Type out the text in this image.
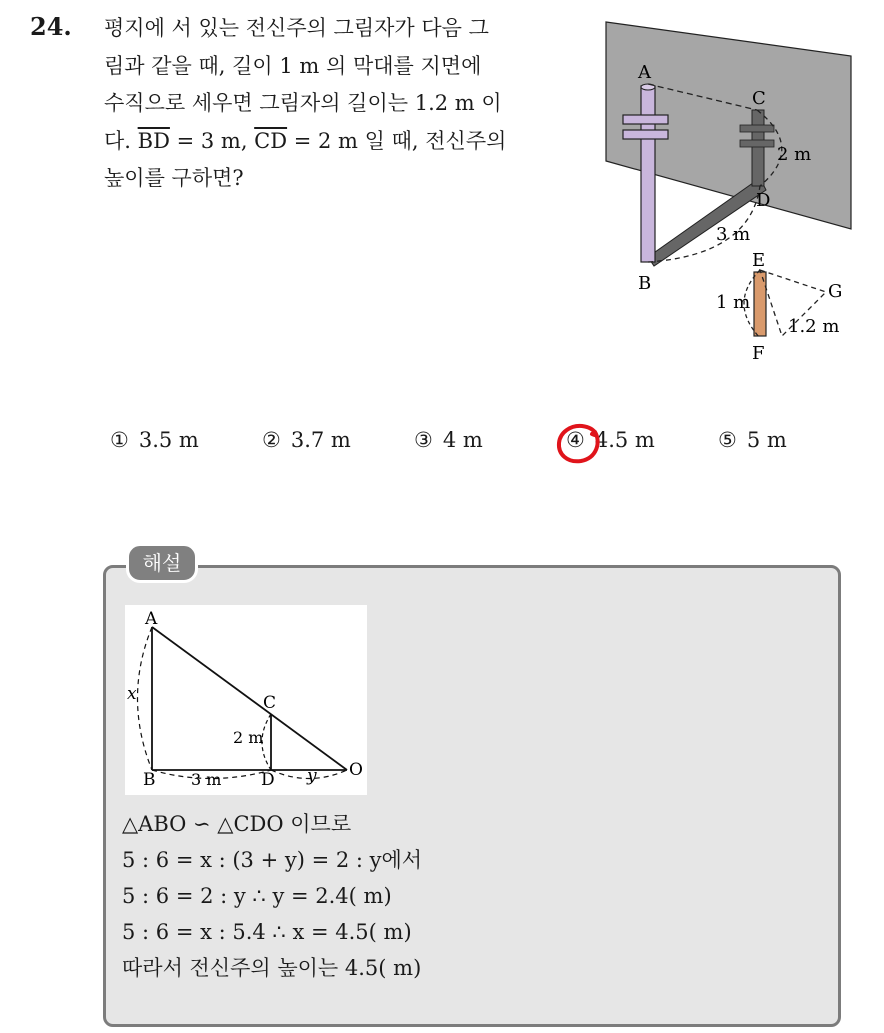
24. 평지에 서 있는 전신주의 그림자가 다음 그
림과 같을 때, 길이 1 m 의 막대를 지면에
수직으로 세우면 그림자의 길이는 1.2 m 이
다. $\overline{BD} = 3$ m, $\overline{CD} = 2$ m 일 때, 전신주의
높이를 구하면?
A
B
C
D
2 m
3 m
E
F
G
1 m
1.2 m
① 3.5 m	② 3.7 m	③ 4 m	④ 4.5 m	⑤ 5 m
해설
A
B
C
D	O
x
2 m
3 m	y
△ABO ∽ △CDO 이므로
5 : 6 = x : (3 + y) = 2 : y에서
5 : 6 = 2 : y ∴ y = 2.4( m)
5 : 6 = x : 5.4 ∴ x = 4.5( m)
따라서 전신주의 높이는 4.5( m)
